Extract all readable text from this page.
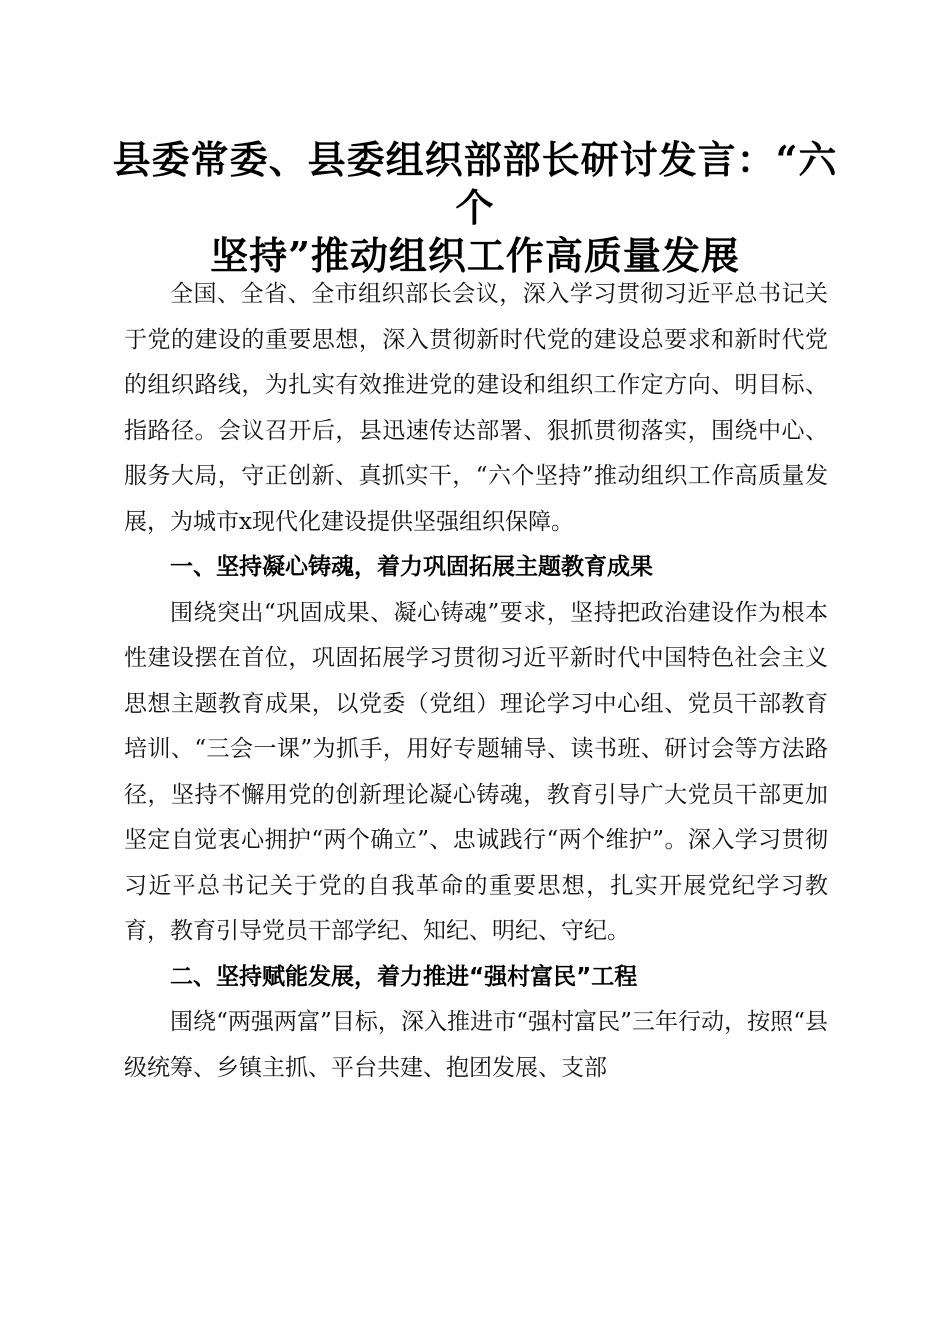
县委常委、县委组织部部长研讨发言：“六个
坚持”推动组织工作高质量发展

全国、全省、全市组织部长会议，深入学习贯彻习近平总书记关于党的建设的重要思想，深入贯彻新时代党的建设总要求和新时代党的组织路线，为扎实有效推进党的建设和组织工作定方向、明目标、指路径。会议召开后，县迅速传达部署、狠抓贯彻落实，围绕中心、服务大局，守正创新、真抓实干，“六个坚持”推动组织工作高质量发展，为城市x现代化建设提供坚强组织保障。

一、坚持凝心铸魂，着力巩固拓展主题教育成果

围绕突出“巩固成果、凝心铸魂”要求，坚持把政治建设作为根本性建设摆在首位，巩固拓展学习贯彻习近平新时代中国特色社会主义思想主题教育成果，以党委（党组）理论学习中心组、党员干部教育培训、“三会一课”为抓手，用好专题辅导、读书班、研讨会等方法路径，坚持不懈用党的创新理论凝心铸魂，教育引导广大党员干部更加坚定自觉衷心拥护“两个确立”、忠诚践行“两个维护”。深入学习贯彻习近平总书记关于党的自我革命的重要思想，扎实开展党纪学习教育，教育引导党员干部学纪、知纪、明纪、守纪。

二、坚持赋能发展，着力推进“强村富民”工程

围绕“两强两富”目标，深入推进市“强村富民”三年行动，按照“县级统筹、乡镇主抓、平台共建、抱团发展、支部
